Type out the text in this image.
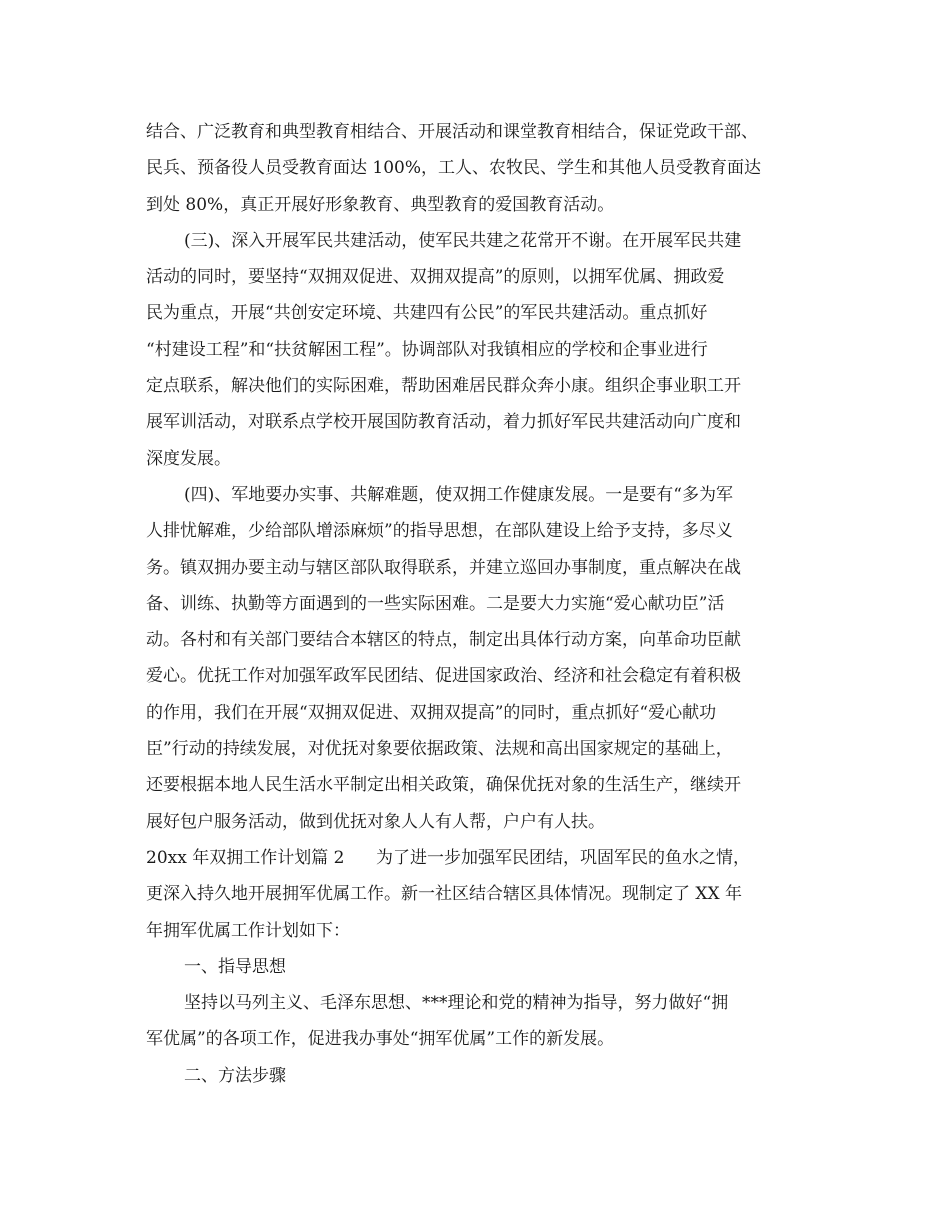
结合、广泛教育和典型教育相结合、开展活动和课堂教育相结合，保证党政干部、
民兵、预备役人员受教育面达 100%，工人、农牧民、学生和其他人员受教育面达
到处 80%，真正开展好形象教育、典型教育的爱国教育活动。
(三)、深入开展军民共建活动，使军民共建之花常开不谢。在开展军民共建
活动的同时，要坚持“双拥双促进、双拥双提高”的原则，以拥军优属、拥政爱
民为重点，开展“共创安定环境、共建四有公民”的军民共建活动。重点抓好
“村建设工程”和“扶贫解困工程”。协调部队对我镇相应的学校和企事业进行
定点联系，解决他们的实际困难，帮助困难居民群众奔小康。组织企事业职工开
展军训活动，对联系点学校开展国防教育活动，着力抓好军民共建活动向广度和
深度发展。
(四)、军地要办实事、共解难题，使双拥工作健康发展。一是要有“多为军
人排忧解难，少给部队增添麻烦”的指导思想，在部队建设上给予支持，多尽义
务。镇双拥办要主动与辖区部队取得联系，并建立巡回办事制度，重点解决在战
备、训练、执勤等方面遇到的一些实际困难。二是要大力实施“爱心献功臣”活
动。各村和有关部门要结合本辖区的特点，制定出具体行动方案，向革命功臣献
爱心。优抚工作对加强军政军民团结、促进国家政治、经济和社会稳定有着积极
的作用，我们在开展“双拥双促进、双拥双提高”的同时，重点抓好“爱心献功
臣”行动的持续发展，对优抚对象要依据政策、法规和高出国家规定的基础上，
还要根据本地人民生活水平制定出相关政策，确保优抚对象的生活生产，继续开
展好包户服务活动，做到优抚对象人人有人帮，户户有人扶。
20xx 年双拥工作计划篇 2 为了进一步加强军民团结，巩固军民的鱼水之情，
更深入持久地开展拥军优属工作。新一社区结合辖区具体情况。现制定了 XX 年
年拥军优属工作计划如下：
一、指导思想
坚持以马列主义、毛泽东思想、***理论和党的精神为指导，努力做好“拥
军优属”的各项工作，促进我办事处“拥军优属”工作的新发展。
二、方法步骤
